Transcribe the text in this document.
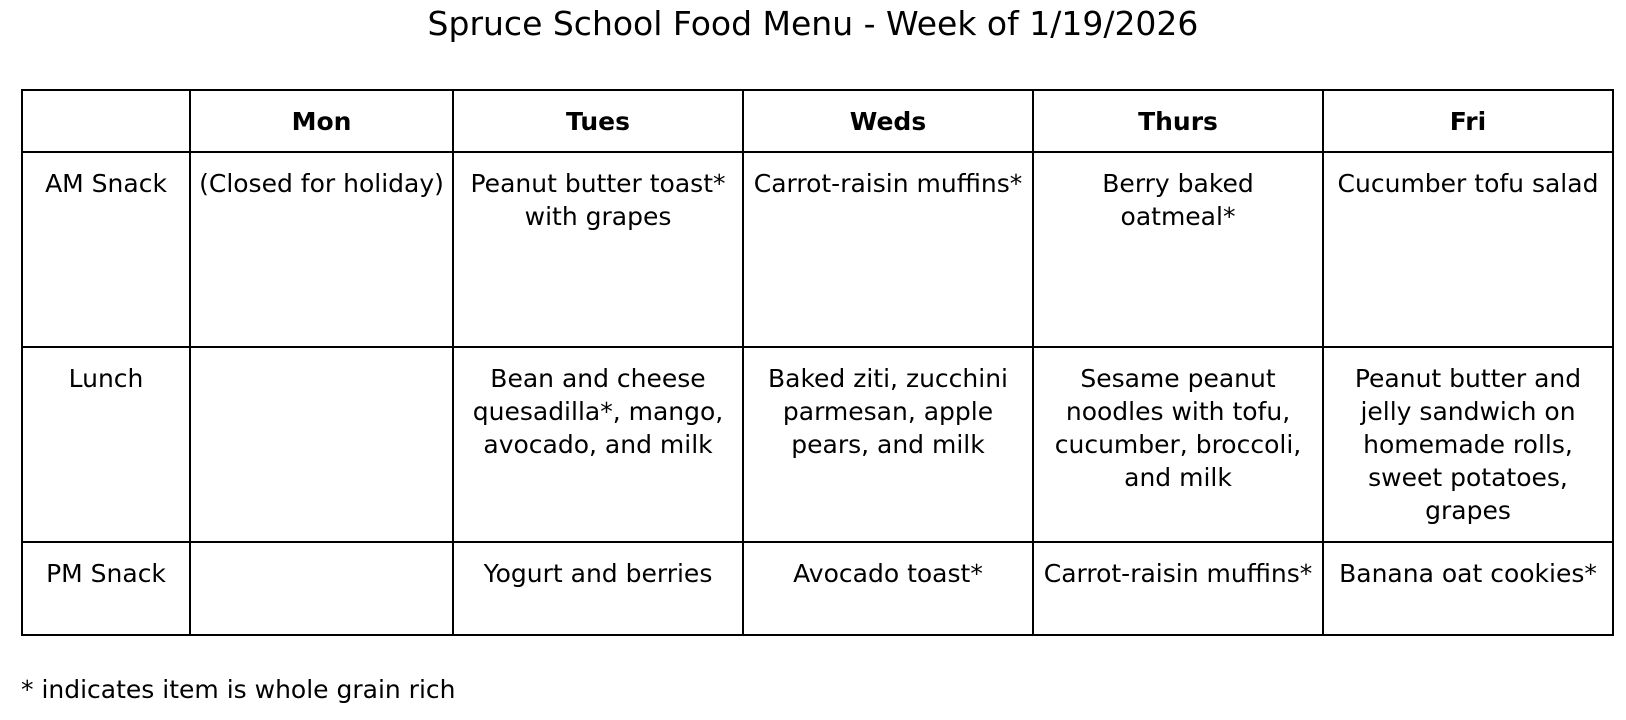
Spruce School Food Menu - Week of 1/19/2026
	Mon	Tues	Weds	Thurs	Fri
AM Snack	(Closed for holiday)	Peanut butter toast* with grapes	Carrot-raisin muffins*	Berry baked oatmeal*	Cucumber tofu salad
Lunch		Bean and cheese quesadilla*, mango, avocado, and milk	Baked ziti, zucchini parmesan, apple pears, and milk	Sesame peanut noodles with tofu, cucumber, broccoli, and milk	Peanut butter and jelly sandwich on homemade rolls, sweet potatoes, grapes
PM Snack		Yogurt and berries	Avocado toast*	Carrot-raisin muffins*	Banana oat cookies*
* indicates item is whole grain rich
